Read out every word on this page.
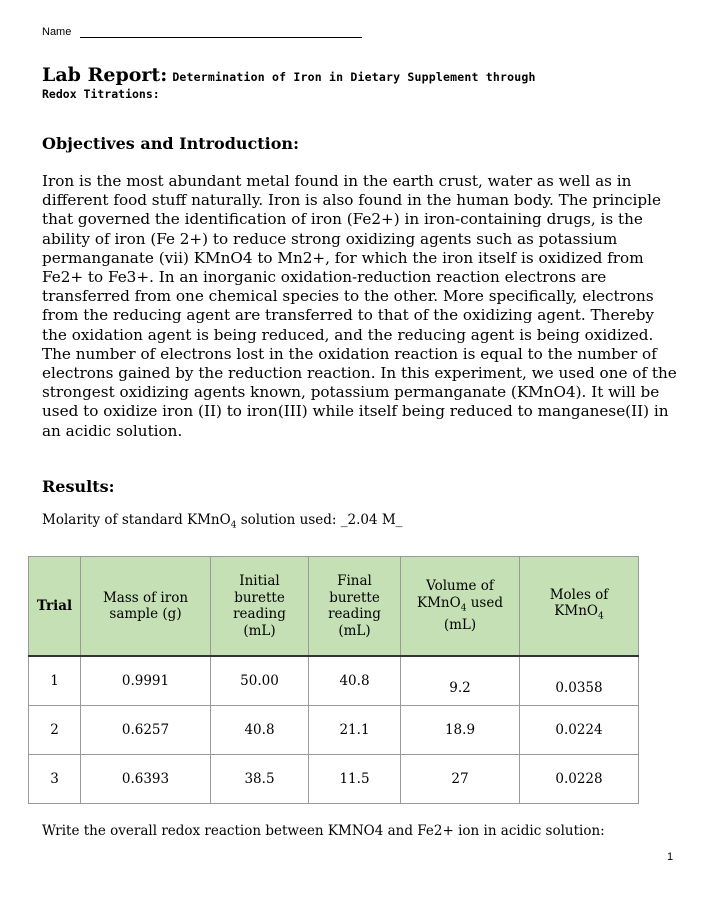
Name
Lab Report: Determination of Iron in Dietary Supplement through
Redox Titrations:
Objectives and Introduction:

Iron is the most abundant metal found in the earth crust, water as well as in different food stuff naturally. Iron is also found in the human body. The principle that governed the identification of iron (Fe2+) in iron-containing drugs, is the ability of iron (Fe 2+) to reduce strong oxidizing agents such as potassium permanganate (vii) KMnO4 to Mn2+, for which the iron itself is oxidized from Fe2+ to Fe3+. In an inorganic oxidation-reduction reaction electrons are transferred from one chemical species to the other. More specifically, electrons from the reducing agent are transferred to that of the oxidizing agent. Thereby the oxidation agent is being reduced, and the reducing agent is being oxidized. The number of electrons lost in the oxidation reaction is equal to the number of electrons gained by the reduction reaction. In this experiment, we used one of the strongest oxidizing agents known, potassium permanganate (KMnO4). It will be used to oxidize iron (II) to iron(III) while itself being reduced to manganese(II) in an acidic solution.

Results:
Molarity of standard KMnO$_4$ solution used: _2.04 M_
Trial	Mass of iron sample (g)	Initial burette reading (mL)	Final burette reading (mL)	Volume of KMnO$_4$ used (mL)	Moles of KMnO$_4$
1	0.9991	50.00	40.8	9.2	0.0358
2	0.6257	40.8	21.1	18.9	0.0224
3	0.6393	38.5	11.5	27	0.0228
Write the overall redox reaction between KMNO4 and Fe2+ ion in acidic solution:
1
